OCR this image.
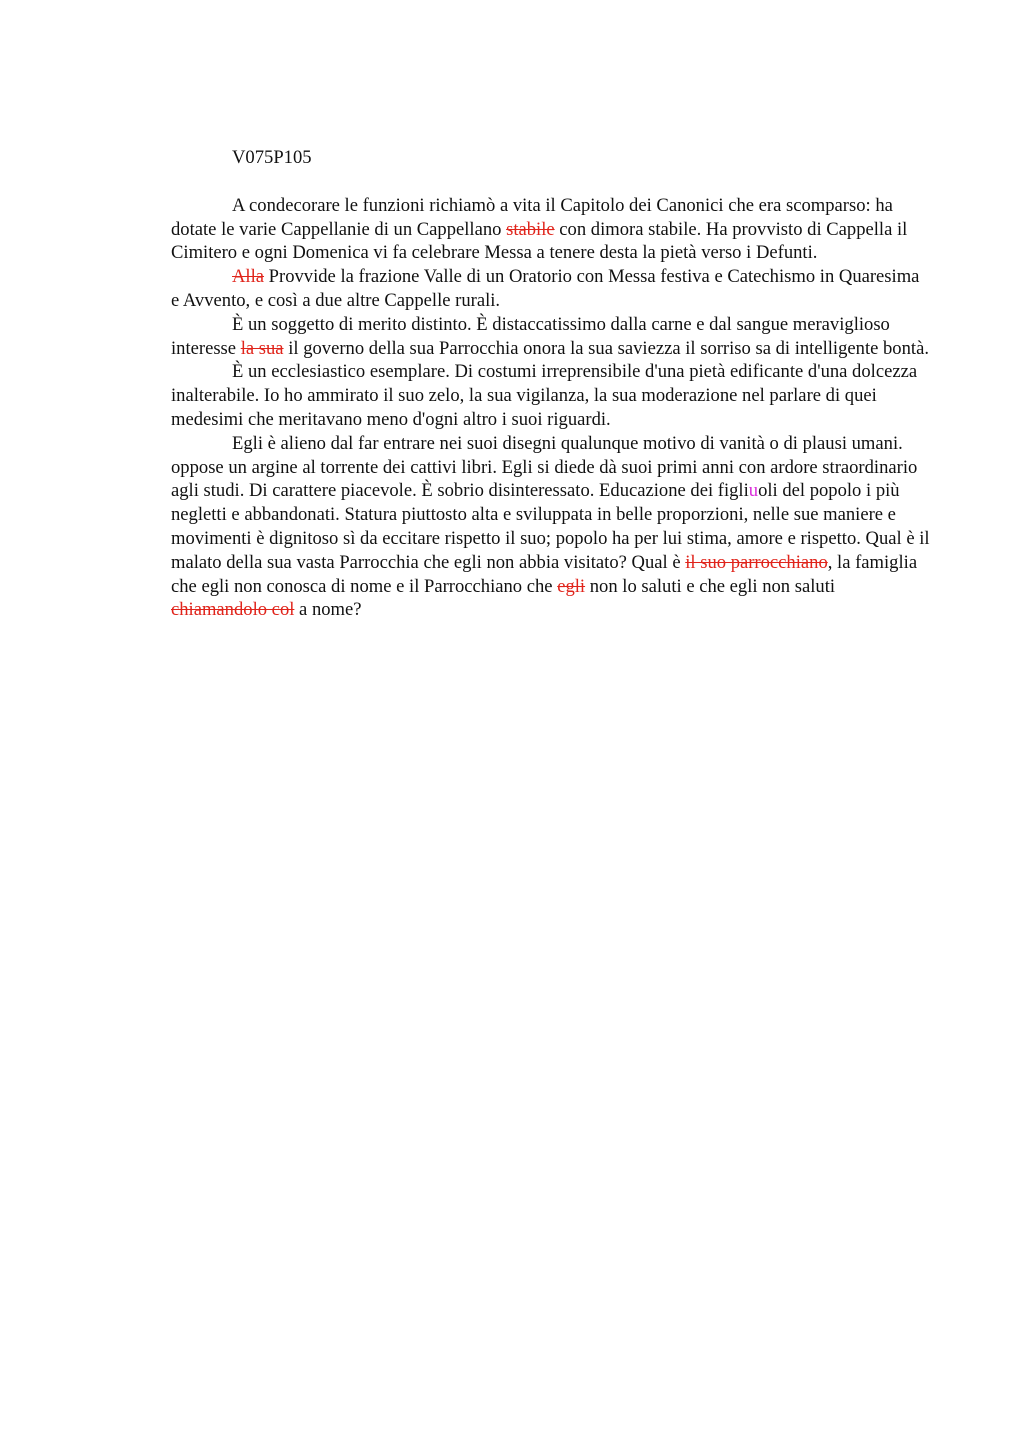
V075P105

A condecorare le funzioni richiamò a vita il Capitolo dei Canonici che era scomparso: ha dotate le varie Cappellanie di un Cappellano stabile con dimora stabile. Ha provvisto di Cappella il Cimitero e ogni Domenica vi fa celebrare Messa a tenere desta la pietà verso i Defunti.

Alla Provvide la frazione Valle di un Oratorio con Messa festiva e Catechismo in Quaresima e Avvento, e così a due altre Cappelle rurali.

È un soggetto di merito distinto. È distaccatissimo dalla carne e dal sangue meraviglioso interesse la sua il governo della sua Parrocchia onora la sua saviezza il sorriso sa di intelligente bontà.

È un ecclesiastico esemplare. Di costumi irreprensibile d'una pietà edificante d'una dolcezza inalterabile. Io ho ammirato il suo zelo, la sua vigilanza, la sua moderazione nel parlare di quei medesimi che meritavano meno d'ogni altro i suoi riguardi.

Egli è alieno dal far entrare nei suoi disegni qualunque motivo di vanità o di plausi umani. oppose un argine al torrente dei cattivi libri. Egli si diede dà suoi primi anni con ardore straordinario agli studi. Di carattere piacevole. È sobrio disinteressato. Educazione dei figliuoli del popolo i più negletti e abbandonati. Statura piuttosto alta e sviluppata in belle proporzioni, nelle sue maniere e movimenti è dignitoso sì da eccitare rispetto il suo; popolo ha per lui stima, amore e rispetto. Qual è il malato della sua vasta Parrocchia che egli non abbia visitato? Qual è il suo parrocchiano, la famiglia che egli non conosca di nome e il Parrocchiano che egli non lo saluti e che egli non saluti chiamandolo col a nome?
